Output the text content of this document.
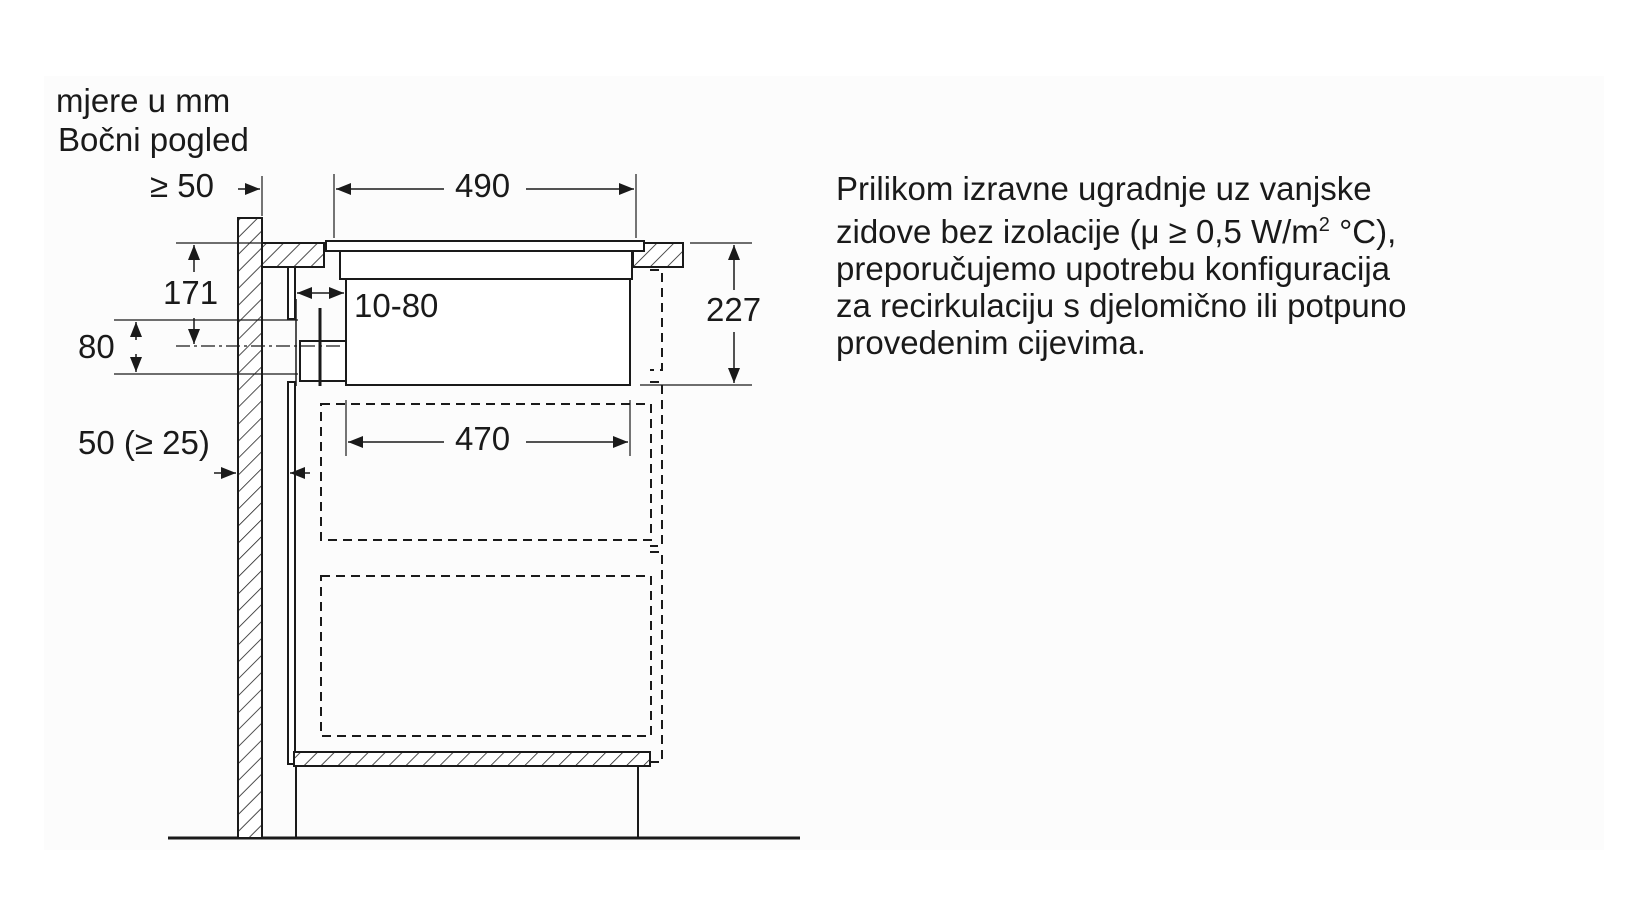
≥ 50	490
171
80
10-80	227
470
50 (≥ 25)
mjere u mm
Bočni pogled

Prilikom izravne ugradnje uz vanjske

zidove bez izolacije (μ ≥ 0,5 $W/m^2$ °C),

preporučujemo upotrebu konfiguracija

za recirkulaciju s djelomično ili potpuno

provedenim cijevima.
